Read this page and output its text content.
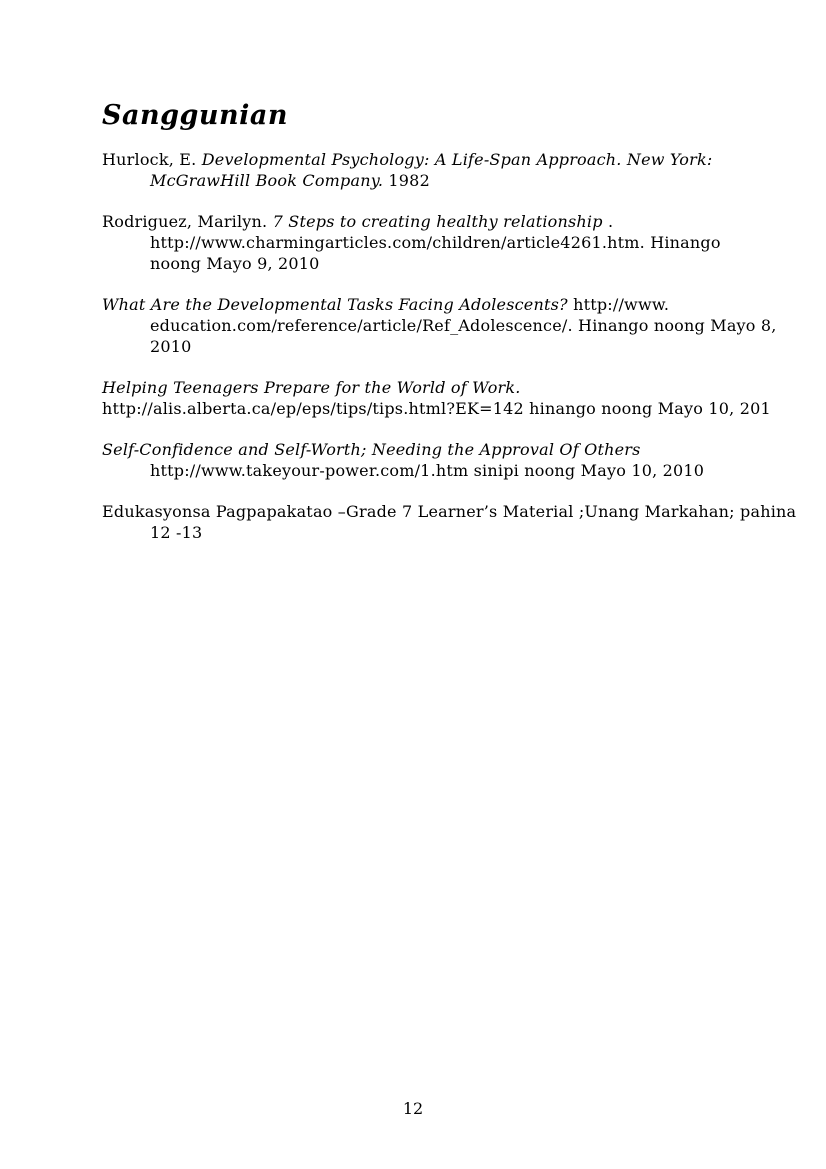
Sanggunian
Hurlock, E. Developmental Psychology: A Life-Span Approach. New York:
McGrawHill Book Company. 1982
Rodriguez, Marilyn. 7 Steps to creating healthy relationship .
http://www.charmingarticles.com/children/article4261.htm. Hinango
noong Mayo 9, 2010
What Are the Developmental Tasks Facing Adolescents? http://www.
education.com/reference/article/Ref_Adolescence/. Hinango noong Mayo 8,
2010
Helping Teenagers Prepare for the World of Work.
http://alis.alberta.ca/ep/eps/tips/tips.html?EK=142 hinango noong Mayo 10, 201
Self-Confidence and Self-Worth; Needing the Approval Of Others
http://www.takeyour-power.com/1.htm sinipi noong Mayo 10, 2010
Edukasyonsa Pagpapakatao –Grade 7 Learner’s Material ;Unang Markahan; pahina
12 -13
12
